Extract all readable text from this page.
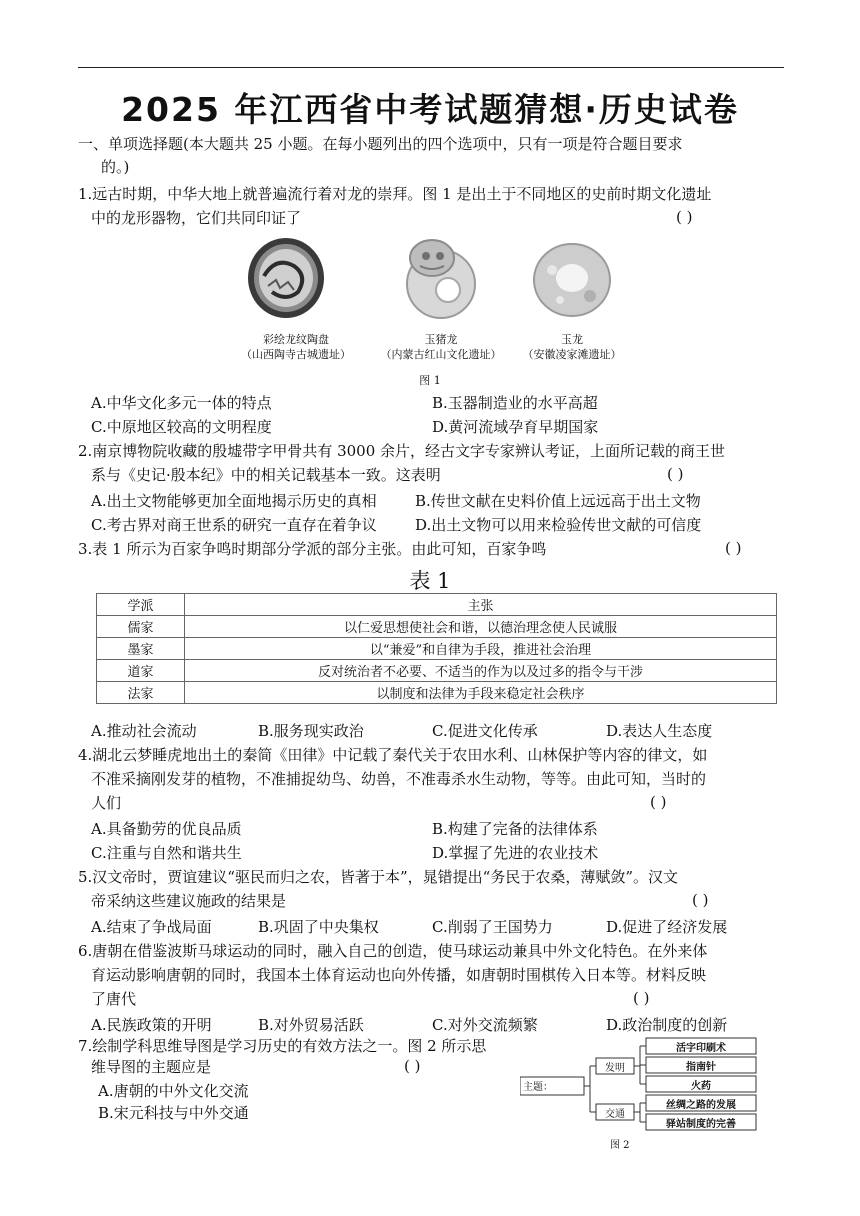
2025 年江西省中考试题猜想·历史试卷
一、单项选择题(本大题共 25 小题。在每小题列出的四个选项中，只有一项是符合题目要求
的。)
1.远古时期，中华大地上就普遍流行着对龙的崇拜。图 1 是出土于不同地区的史前时期文化遗址
中的龙形器物，它们共同印证了	( )
彩绘龙纹陶盘
（山西陶寺古城遗址）
玉猪龙
（内蒙古红山文化遗址）
玉龙
（安徽凌家滩遗址）
图 1
A.中华文化多元一体的特点	B.玉器制造业的水平高超
C.中原地区较高的文明程度	D.黄河流域孕育早期国家
2.南京博物院收藏的殷墟带字甲骨共有 3000 余片，经古文字专家辨认考证，上面所记载的商王世
系与《史记·殷本纪》中的相关记载基本一致。这表明	( )
A.出土文物能够更加全面地揭示历史的真相	B.传世文献在史料价值上远远高于出土文物
C.考古界对商王世系的研究一直存在着争议	D.出土文物可以用来检验传世文献的可信度
3.表 1 所示为百家争鸣时期部分学派的部分主张。由此可知，百家争鸣	( )
表 1
学派	主张
儒家	以仁爱思想使社会和谐，以德治理念使人民诚服
墨家	以“兼爱”和自律为手段，推进社会治理
道家	反对统治者不必要、不适当的作为以及过多的指令与干涉
法家	以制度和法律为手段来稳定社会秩序
A.推动社会流动	B.服务现实政治	C.促进文化传承	D.表达人生态度
4.湖北云梦睡虎地出土的秦简《田律》中记载了秦代关于农田水利、山林保护等内容的律文，如
不准采摘刚发芽的植物，不准捕捉幼鸟、幼兽，不准毒杀水生动物，等等。由此可知，当时的
人们	( )
A.具备勤劳的优良品质	B.构建了完备的法律体系
C.注重与自然和谐共生	D.掌握了先进的农业技术
5.汉文帝时，贾谊建议“驱民而归之农，皆著于本”，晁错提出“务民于农桑，薄赋敛”。汉文
帝采纳这些建议施政的结果是	( )
A.结束了争战局面	B.巩固了中央集权	C.削弱了王国势力	D.促进了经济发展
6.唐朝在借鉴波斯马球运动的同时，融入自己的创造，使马球运动兼具中外文化特色。在外来体
育运动影响唐朝的同时，我国本土体育运动也向外传播，如唐朝时围棋传入日本等。材料反映
了唐代	( )
A.民族政策的开明	B.对外贸易活跃	C.对外交流频繁	D.政治制度的创新
7.绘制学科思维导图是学习历史的有效方法之一。图 2 所示思
维导图的主题应是	( )
A.唐朝的中外文化交流
B.宋元科技与中外交通
主题：
发明
交通
活字印刷术
指南针
火药
丝绸之路的发展
驿站制度的完善
图 2
